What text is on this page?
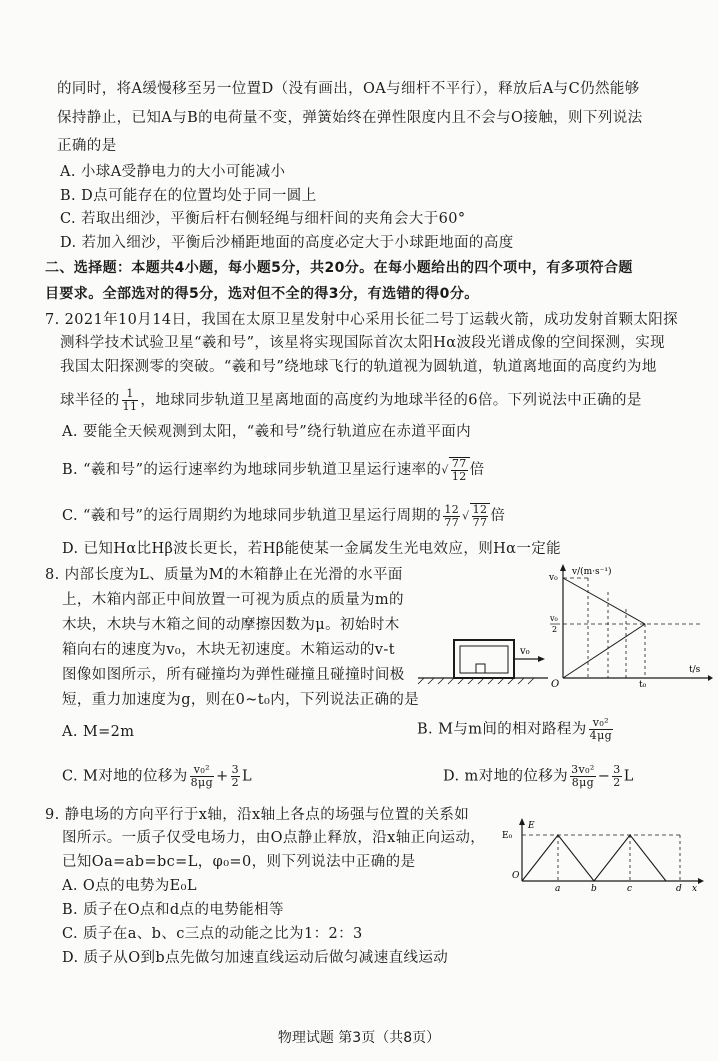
的同时，将A缓慢移至另一位置D（没有画出，OA与细杆不平行），释放后A与C仍然能够
保持静止，已知A与B的电荷量不变，弹簧始终在弹性限度内且不会与O接触，则下列说法
正确的是
A. 小球A受静电力的大小可能减小
B. D点可能存在的位置均处于同一圆上
C. 若取出细沙，平衡后杆右侧轻绳与细杆间的夹角会大于60°
D. 若加入细沙，平衡后沙桶距地面的高度必定大于小球距地面的高度
二、选择题：本题共4小题，每小题5分，共20分。在每小题给出的四个项中，有多项符合题
目要求。全部选对的得5分，选对但不全的得3分，有选错的得0分。
7. 2021年10月14日，我国在太原卫星发射中心采用长征二号丁运载火箭，成功发射首颗太阳探
测科学技术试验卫星“羲和号”，该星将实现国际首次太阳Hα波段光谱成像的空间探测，实现
我国太阳探测零的突破。“羲和号”绕地球飞行的轨道视为圆轨道，轨道离地面的高度约为地
球半径的 $\frac{1}{11}$ ，地球同步轨道卫星离地面的高度约为地球半径的6倍。下列说法中正确的是
A. 要能全天候观测到太阳，“羲和号”绕行轨道应在赤道平面内
B. “羲和号”的运行速率约为地球同步轨道卫星运行速率的√ $\frac{77}{12}$ 倍
C. “羲和号”的运行周期约为地球同步轨道卫星运行周期的 $\frac{12}{77}$ √ $\frac{12}{77}$ 倍
D. 已知Hα比Hβ波长更长，若Hβ能使某一金属发生光电效应，则Hα一定能
8. 内部长度为L、质量为M的木箱静止在光滑的水平面
上，木箱内部正中间放置一可视为质点的质量为m的
木块，木块与木箱之间的动摩擦因数为μ。初始时木
箱向右的速度为v₀，木块无初速度。木箱运动的v-t
图像如图所示，所有碰撞均为弹性碰撞且碰撞时间极
短，重力加速度为g，则在0~t₀内，下列说法正确的是
v₀
v/(m·s⁻¹)
v₀
v₀
2
O	t₀
t/s
A. M=2m	B. M与m间的相对路程为 $\frac{\text{v₀²}}{4\mu g}$
C. M对地的位移为 $\frac{\text{v₀²}}{8\mu g} + \frac{3}{2}$ L	D. m对地的位移为 $\frac{\text{3v₀²}}{8\mu g} - \frac{3}{2}$ L
9. 静电场的方向平行于x轴，沿x轴上各点的场强与位置的关系如
图所示。一质子仅受电场力，由O点静止释放，沿x轴正向运动，
已知Oa=ab=bc=L，φ₀=0，则下列说法中正确的是
A. O点的电势为E₀L
B. 质子在O点和d点的电势能相等
C. 质子在a、b、c三点的动能之比为1：2：3
D. 质子从O到b点先做匀加速直线运动后做匀减速直线运动
E
E₀
O
a	b	c	d x
物理试题 第3页（共8页）
